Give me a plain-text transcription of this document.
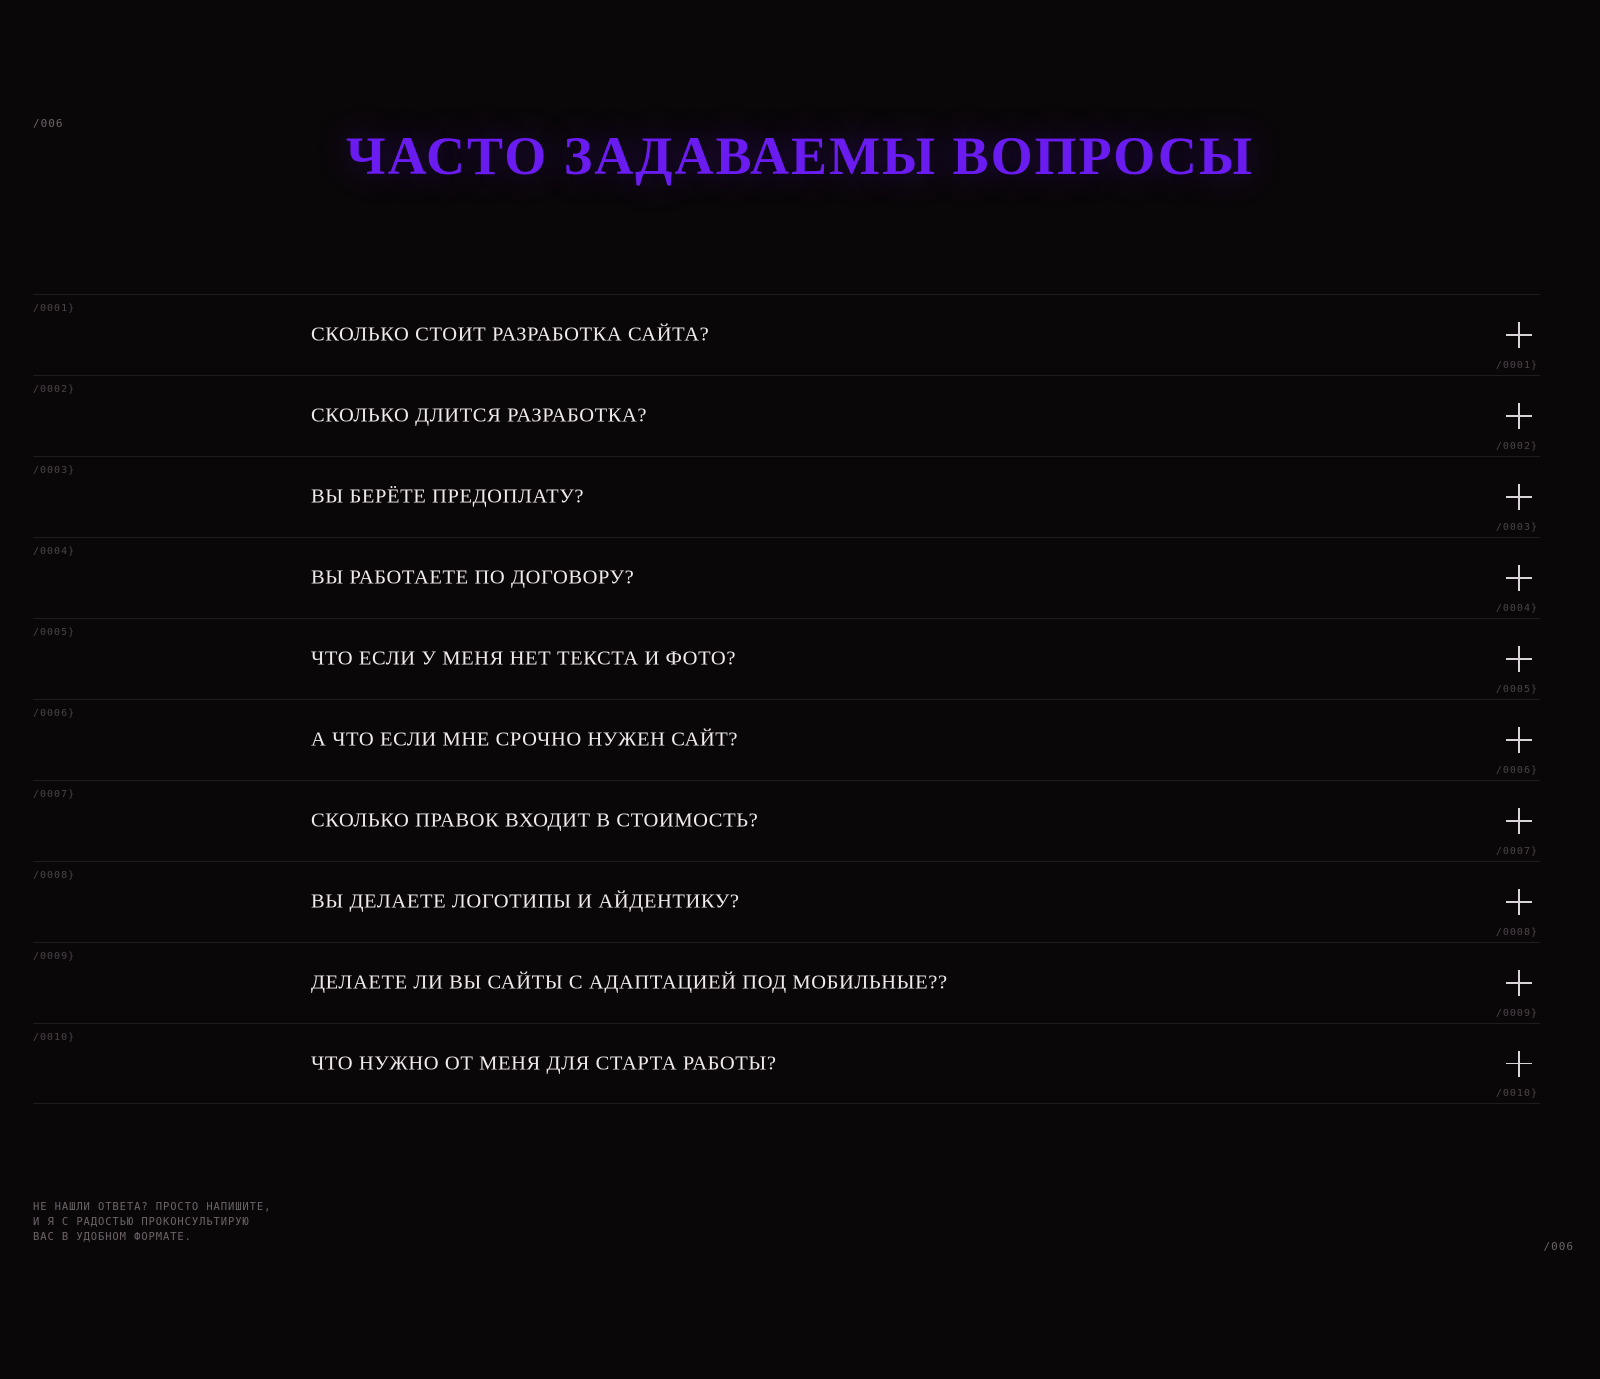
/006
ЧАСТО ЗАДАВАЕМЫ ВОПРОСЫ
/0001}
СКОЛЬКО СТОИТ РАЗРАБОТКА САЙТА?
/0001}
/0002}
СКОЛЬКО ДЛИТСЯ РАЗРАБОТКА?
/0002}
/0003}
ВЫ БЕРЁТЕ ПРЕДОПЛАТУ?
/0003}
/0004}
ВЫ РАБОТАЕТЕ ПО ДОГОВОРУ?
/0004}
/0005}
ЧТО ЕСЛИ У МЕНЯ НЕТ ТЕКСТА И ФОТО?
/0005}
/0006}
А ЧТО ЕСЛИ МНЕ СРОЧНО НУЖЕН САЙТ?
/0006}
/0007}
СКОЛЬКО ПРАВОК ВХОДИТ В СТОИМОСТЬ?
/0007}
/0008}
ВЫ ДЕЛАЕТЕ ЛОГОТИПЫ И АЙДЕНТИКУ?
/0008}
/0009}
ДЕЛАЕТЕ ЛИ ВЫ САЙТЫ С АДАПТАЦИЕЙ ПОД МОБИЛЬНЫЕ??
/0009}
/0010}
ЧТО НУЖНО ОТ МЕНЯ ДЛЯ СТАРТА РАБОТЫ?
/0010}
НЕ НАШЛИ ОТВЕТА? ПРОСТО НАПИШИТЕ, И Я С РАДОСТЬЮ ПРОКОНСУЛЬТИРУЮ ВАС В УДОБНОМ ФОРМАТЕ.
/006
